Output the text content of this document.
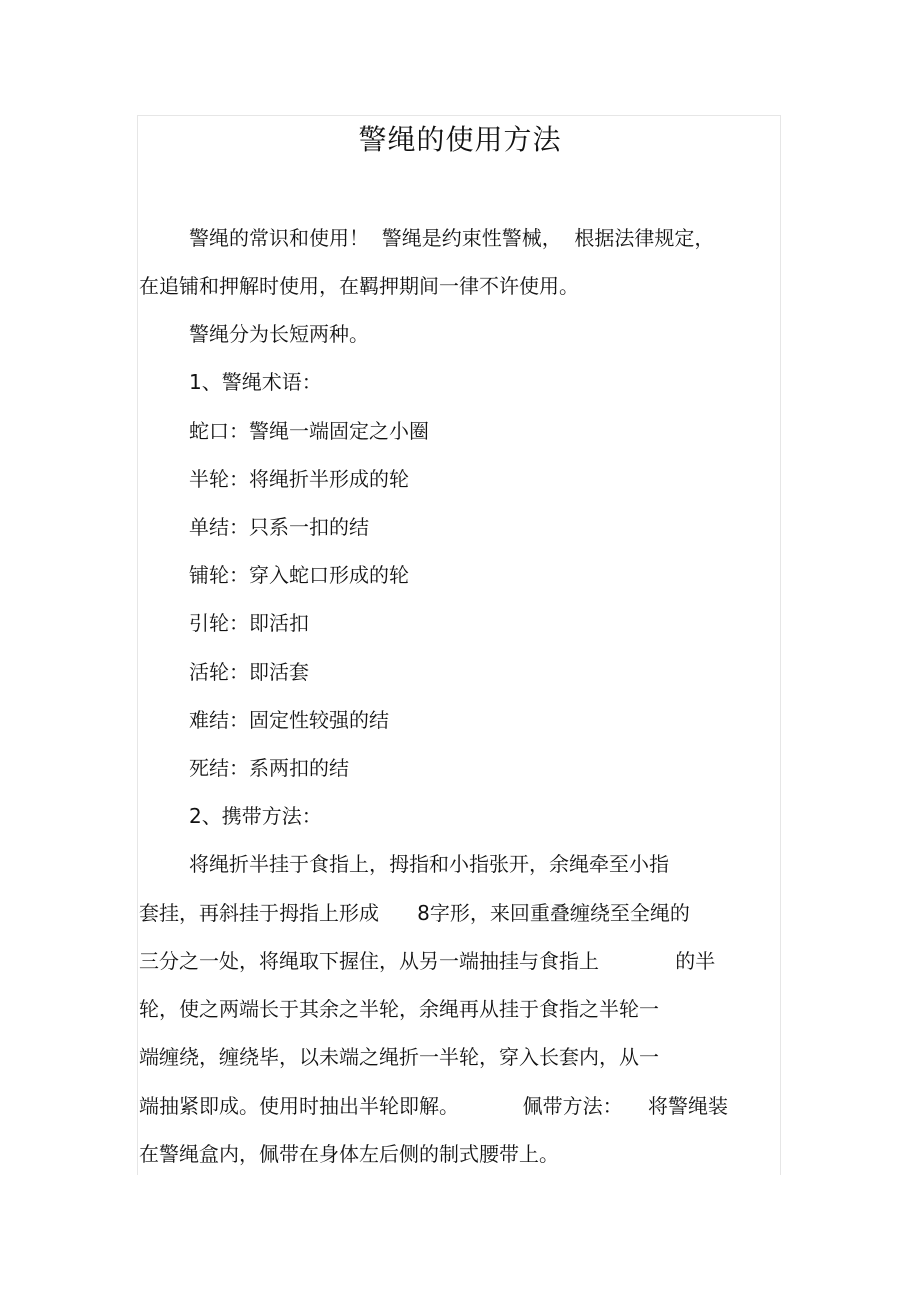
警绳的使用方法
警绳的常识和使用！  警绳是约束性警械，  根据法律规定，
在追铺和押解时使用，在羁押期间一律不许使用。
警绳分为长短两种。
1、警绳术语：
蛇口：警绳一端固定之小圈
半轮：将绳折半形成的轮
单结：只系一扣的结
铺轮：穿入蛇口形成的轮
引轮：即活扣
活轮：即活套
难结：固定性较强的结
死结：系两扣的结
2、携带方法：
将绳折半挂于食指上，拇指和小指张开，余绳牵至小指
套挂，再斜挂于拇指上形成      8字形，来回重叠缠绕至全绳的
三分之一处，将绳取下握住，从另一端抽挂与食指上            的半
轮，使之两端长于其余之半轮，余绳再从挂于食指之半轮一
端缠绕，缠绕毕，以未端之绳折一半轮，穿入长套内，从一
端抽紧即成。使用时抽出半轮即解。          佩带方法：    将警绳装
在警绳盒内，佩带在身体左后侧的制式腰带上。
